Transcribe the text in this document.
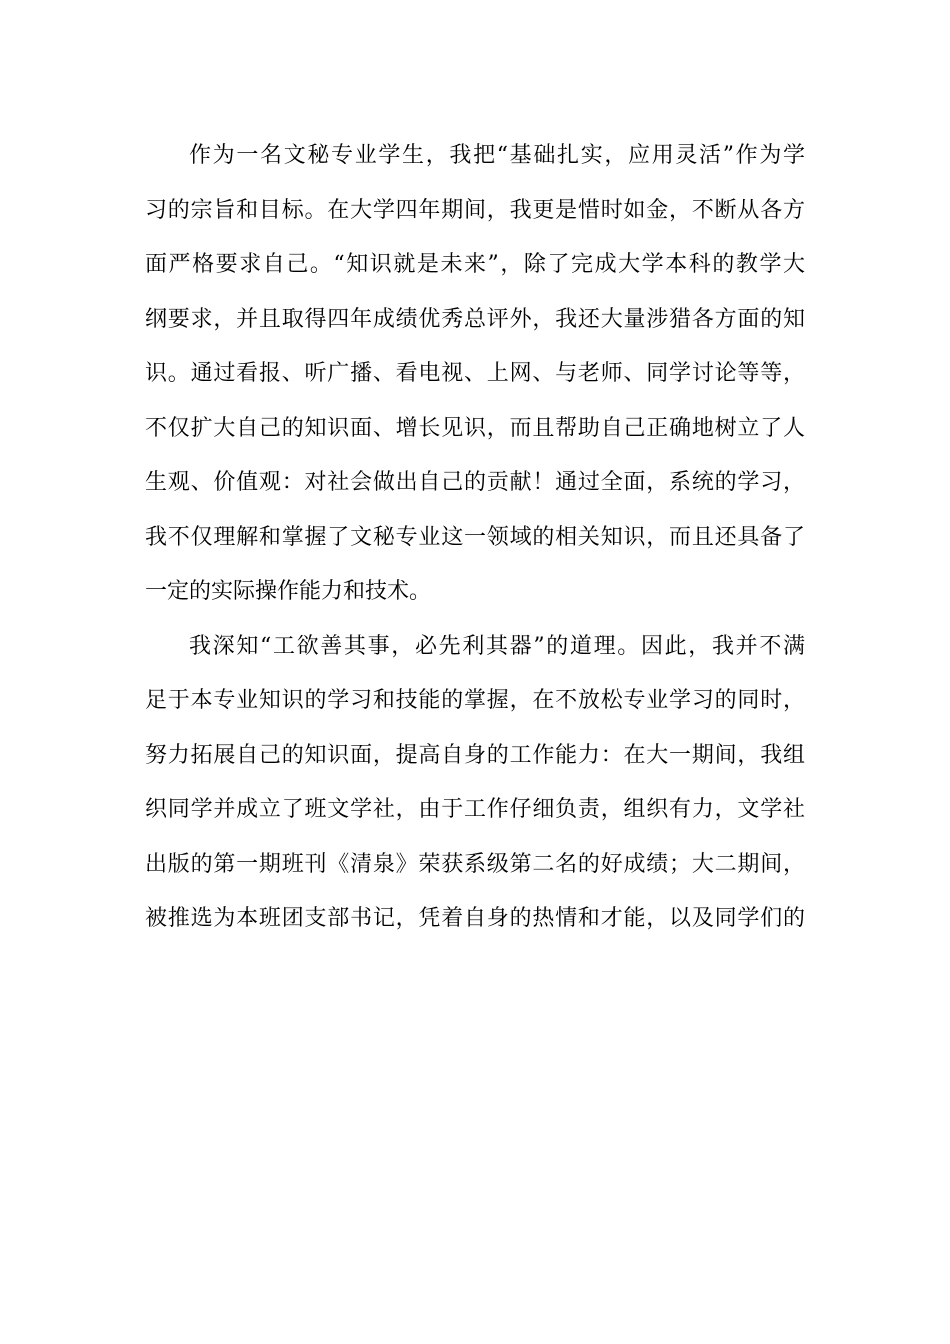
作为一名文秘专业学生，我把“基础扎实，应用灵活”作为学
习的宗旨和目标。在大学四年期间，我更是惜时如金，不断从各方
面严格要求自己。“知识就是未来”，除了完成大学本科的教学大
纲要求，并且取得四年成绩优秀总评外，我还大量涉猎各方面的知
识。通过看报、听广播、看电视、上网、与老师、同学讨论等等，
不仅扩大自己的知识面、增长见识，而且帮助自己正确地树立了人
生观、价值观：对社会做出自己的贡献！通过全面，系统的学习，
我不仅理解和掌握了文秘专业这一领域的相关知识，而且还具备了
一定的实际操作能力和技术。
我深知“工欲善其事，必先利其器”的道理。因此，我并不满
足于本专业知识的学习和技能的掌握，在不放松专业学习的同时，
努力拓展自己的知识面，提高自身的工作能力：在大一期间，我组
织同学并成立了班文学社，由于工作仔细负责，组织有力，文学社
出版的第一期班刊《清泉》荣获系级第二名的好成绩；大二期间，
被推选为本班团支部书记，凭着自身的热情和才能，以及同学们的
